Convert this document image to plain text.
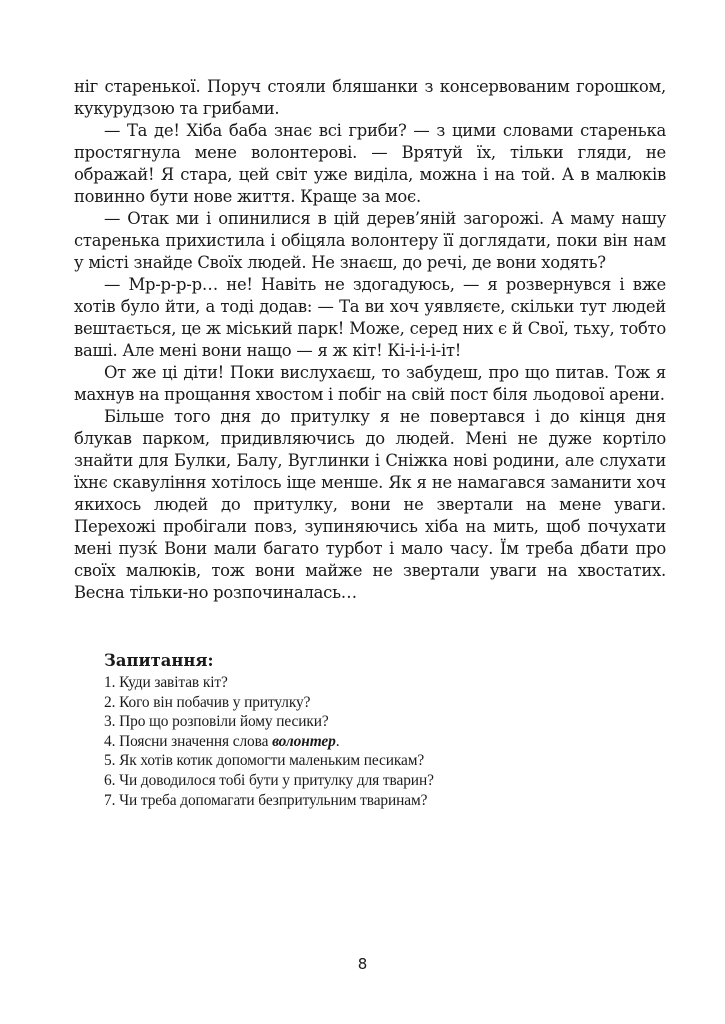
ніг старенької. Поруч стояли бляшанки з консервованим горошком, кукурудзою та грибами.

— Та де! Хіба баба знає всі гриби? — з цими словами старенька простягнула мене волонтерові. — Врятуй їх, тільки гляди, не ображай! Я стара, цей світ уже виділа, можна і на той. А в малюків повинно бути нове життя. Краще за моє.

— Отак ми і опинилися в цій дерев’яній загорожі. А маму нашу старенька прихистила і обіцяла волонтеру її доглядати, поки він нам у місті знайде Своїх людей. Не знаєш, до речі, де вони ходять?

— Мр-р-р-р… не! Навіть не здогадуюсь, — я розвернувся і вже хотів було йти, а тоді додав: — Та ви хоч уявляєте, скільки тут людей вештається, це ж міський парк! Може, серед них є й Свої, тьху, тобто ваші. Але мені вони нащо — я ж кіт! Кі-і-і-і-іт!

От же ці діти! Поки вислухаєш, то забудеш, про що питав. Тож я махнув на прощання хвостом і побіг на свій пост біля льодової арени.

Більше того дня до притулку я не повертався і до кінця дня блукав парком, придивляючись до людей. Мені не дуже кортіло знайти для Булки, Балу, Вуглинки і Сніжка нові родини, але слухати їхнє скавуління хотілось іще менше. Як я не намагався заманити хоч якихось людей до притулку, вони не звертали на мене уваги. Перехожі пробігали повз, зупиняючись хіба на мить, щоб почухати мені пузќ Вони мали багато турбот і мало часу. Їм треба дбати про своїх малюків, тож вони майже не звертали уваги на хвостатих. Весна тільки-но розпочиналась…

Запитання:
1. Куди завітав кіт?
2. Кого він побачив у притулку?
3. Про що розповіли йому песики?
4. Поясни значення слова волонтер.
5. Як хотів котик допомогти маленьким песикам?
6. Чи доводилося тобі бути у притулку для тварин?
7. Чи треба допомагати безпритульним тваринам?
8
